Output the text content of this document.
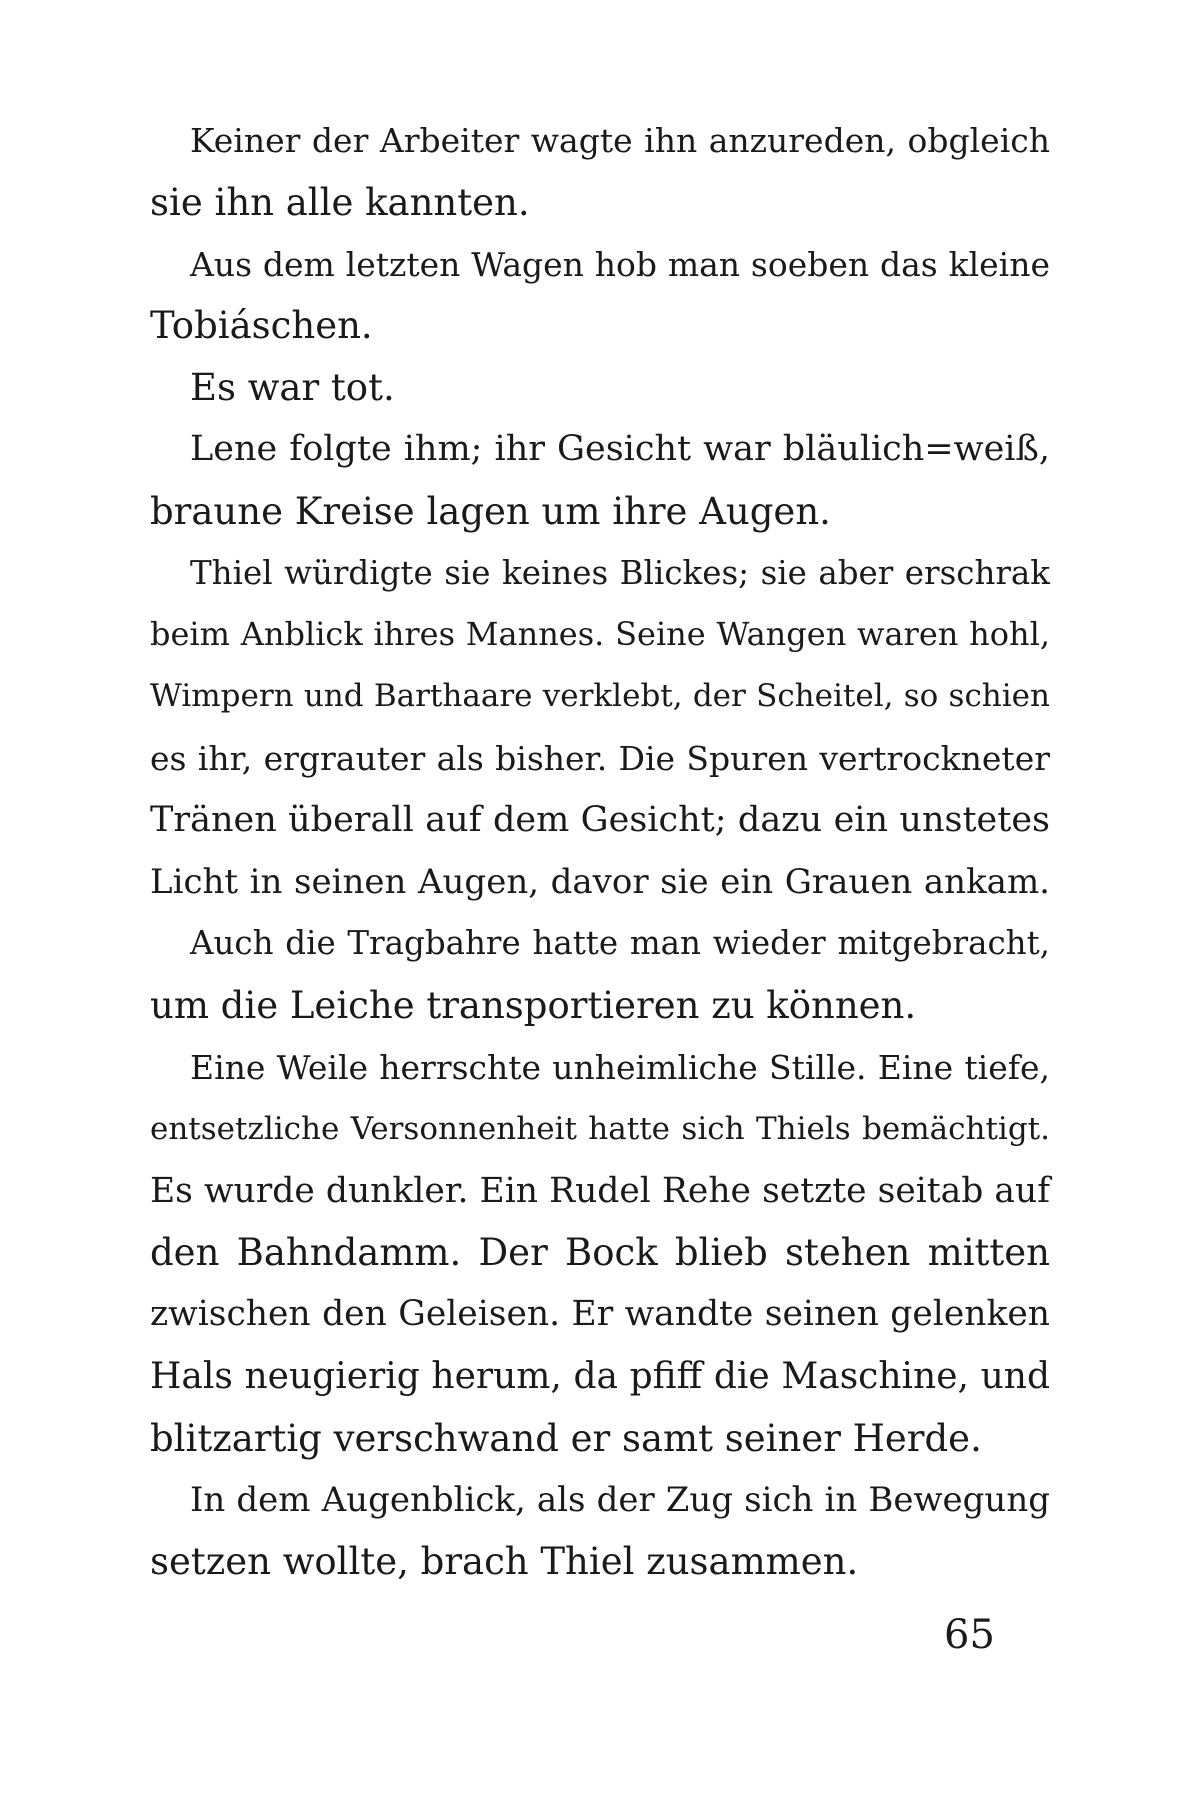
Keiner der Arbeiter wagte ihn anzureden, obgleich
sie ihn alle kannten.
Aus dem letzten Wagen hob man soeben das kleine
Tobiáschen.
Es war tot.
Lene folgte ihm; ihr Gesicht war bläulich=weiß,
braune Kreise lagen um ihre Augen.
Thiel würdigte sie keines Blickes; sie aber erschrak
beim Anblick ihres Mannes. Seine Wangen waren hohl,
Wimpern und Barthaare verklebt, der Scheitel, so schien
es ihr, ergrauter als bisher. Die Spuren vertrockneter
Tränen überall auf dem Gesicht; dazu ein unstetes
Licht in seinen Augen, davor sie ein Grauen ankam.
Auch die Tragbahre hatte man wieder mitgebracht,
um die Leiche transportieren zu können.
Eine Weile herrschte unheimliche Stille. Eine tiefe,
entsetzliche Versonnenheit hatte sich Thiels bemächtigt.
Es wurde dunkler. Ein Rudel Rehe setzte seitab auf
den Bahndamm. Der Bock blieb stehen mitten
zwischen den Geleisen. Er wandte seinen gelenken
Hals neugierig herum, da pfiff die Maschine, und
blitzartig verschwand er samt seiner Herde.
In dem Augenblick, als der Zug sich in Bewegung
setzen wollte, brach Thiel zusammen.
65
